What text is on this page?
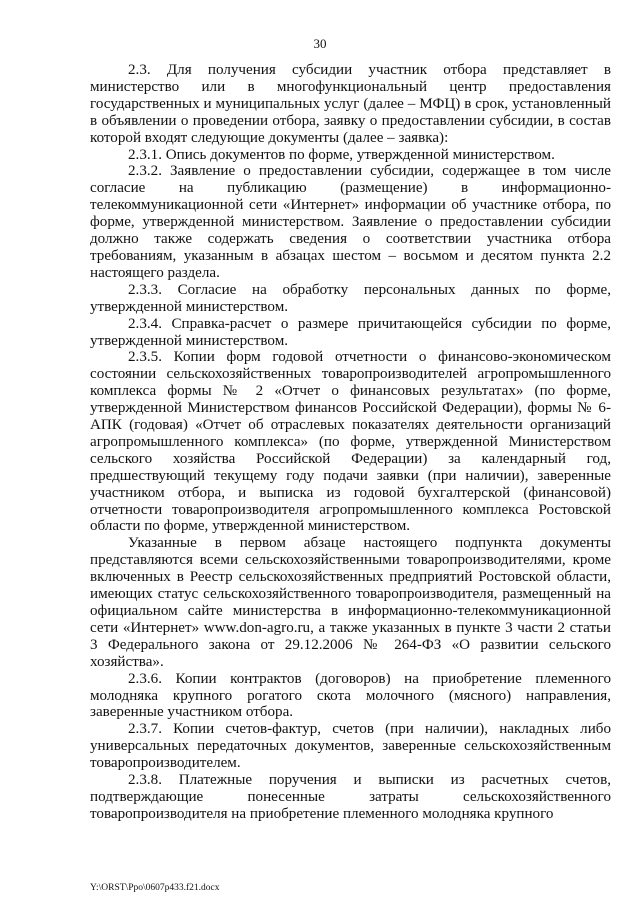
30

2.3. Для получения субсидии участник отбора представляет в министерство или в многофункциональный центр предоставления государственных и муниципальных услуг (далее – МФЦ) в срок, установленный в объявлении о проведении отбора, заявку о предоставлении субсидии, в состав которой входят следующие документы (далее – заявка):

2.3.1. Опись документов по форме, утвержденной министерством.

2.3.2. Заявление о предоставлении субсидии, содержащее в том числе согласие на публикацию (размещение) в информационно-телекоммуникационной сети «Интернет» информации об участнике отбора, по форме, утвержденной министерством. Заявление о предоставлении субсидии должно также содержать сведения о соответствии участника отбора требованиям, указанным в абзацах шестом – восьмом и десятом пункта 2.2 настоящего раздела.

2.3.3. Согласие на обработку персональных данных по форме, утвержденной министерством.

2.3.4. Справка-расчет о размере причитающейся субсидии по форме, утвержденной министерством.

2.3.5. Копии форм годовой отчетности о финансово-экономическом состоянии сельскохозяйственных товаропроизводителей агропромышленного комплекса формы № 2 «Отчет о финансовых результатах» (по форме, утвержденной Министерством финансов Российской Федерации), формы № 6-АПК (годовая) «Отчет об отраслевых показателях деятельности организаций агропромышленного комплекса» (по форме, утвержденной Министерством сельского хозяйства Российской Федерации) за календарный год, предшествующий текущему году подачи заявки (при наличии), заверенные участником отбора, и выписка из годовой бухгалтерской (финансовой) отчетности товаропроизводителя агропромышленного комплекса Ростовской области по форме, утвержденной министерством.

Указанные в первом абзаце настоящего подпункта документы представляются всеми сельскохозяйственными товаропроизводителями, кроме включенных в Реестр сельскохозяйственных предприятий Ростовской области, имеющих статус сельскохозяйственного товаропроизводителя, размещенный на официальном сайте министерства в информационно-телекоммуникационной сети «Интернет» www.don-agro.ru, а также указанных в пункте 3 части 2 статьи 3 Федерального закона от 29.12.2006 № 264-ФЗ «О развитии сельского хозяйства».

2.3.6. Копии контрактов (договоров) на приобретение племенного молодняка крупного рогатого скота молочного (мясного) направления, заверенные участником отбора.

2.3.7. Копии счетов-фактур, счетов (при наличии), накладных либо универсальных передаточных документов, заверенные сельскохозяйственным товаропроизводителем.

2.3.8. Платежные поручения и выписки из расчетных счетов, подтверждающие понесенные затраты сельскохозяйственного товаропроизводителя на приобретение племенного молодняка крупного

Y:\ORST\Ppo\0607p433.f21.docx
